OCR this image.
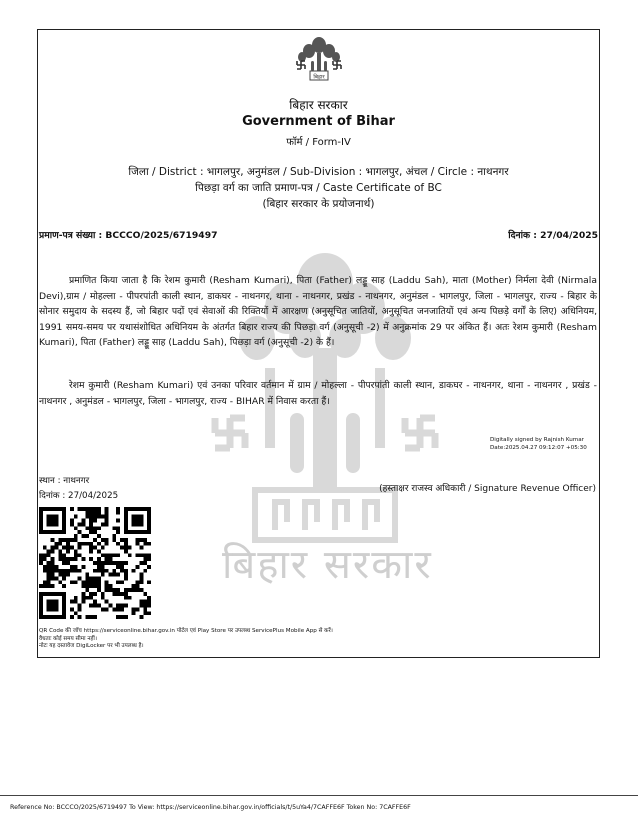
बिहार सरकार
बिहार
बिहार सरकार
Government of Bihar
फॉर्म / Form-IV
जिला / District : भागलपुर, अनुमंडल / Sub-Division : भागलपुर, अंचल / Circle : नाथनगर
पिछड़ा वर्ग का जाति प्रमाण-पत्र / Caste Certificate of BC
(बिहार सरकार के प्रयोजनार्थ)
प्रमाण-पत्र संख्या : BCCCO/2025/6719497	दिनांक : 27/04/2025
प्रमाणित किया जाता है कि रेशम कुमारी (Resham Kumari), पिता (Father) लड्डू साह (Laddu Sah), माता (Mother) निर्मला देवी (Nirmala Devi),ग्राम / मोहल्ला - पीपरपांती काली स्थान, डाकघर - नाथनगर, थाना - नाथनगर, प्रखंड - नाथनगर, अनुमंडल - भागलपुर, जिला - भागलपुर, राज्य - बिहार के सोनार समुदाय के सदस्य हैं, जो बिहार पदों एवं सेवाओं की रिक्तियों में आरक्षण (अनुसूचित जातियों, अनुसूचित जनजातियों एवं अन्य पिछड़े वर्गों के लिए) अधिनियम, 1991 समय-समय पर यथासंशोधित अधिनियम के अंतर्गत बिहार राज्य की पिछड़ा वर्ग (अनुसूची -2) में अनुक्रमांक 29 पर अंकित हैं। अतः रेशम कुमारी (Resham Kumari), पिता (Father) लड्डू साह (Laddu Sah), पिछड़ा वर्ग (अनुसूची -2) के हैं।
रेशम कुमारी (Resham Kumari) एवं उनका परिवार वर्तमान में ग्राम / मोहल्ला - पीपरपांती काली स्थान, डाकघर - नाथनगर, थाना - नाथनगर , प्रखंड - नाथनगर , अनुमंडल - भागलपुर, जिला - भागलपुर, राज्य - BIHAR में निवास करता हैं।
Digitally signed by Rajnish Kumar
Date:2025.04.27 09:12:07 +05:30
स्थान : नाथनगर
दिनांक : 27/04/2025
(हस्ताक्षर राजस्व अधिकारी / Signature Revenue Officer)
QR Code की जाँच https://serviceonline.bihar.gov.in पोर्टल एवं Play Store पर उपलब्ध ServicePlus Mobile App से करें।
वैधताः कोई समय सीमा नहीं।
नोटः यह दस्तावेज DigiLocker पर भी उपलब्ध है।
Reference No: BCCCO/2025/6719497 To View: https://serviceonline.bihar.gov.in/officials/t/5uYa4/7CAFFE6F Token No: 7CAFFE6F
